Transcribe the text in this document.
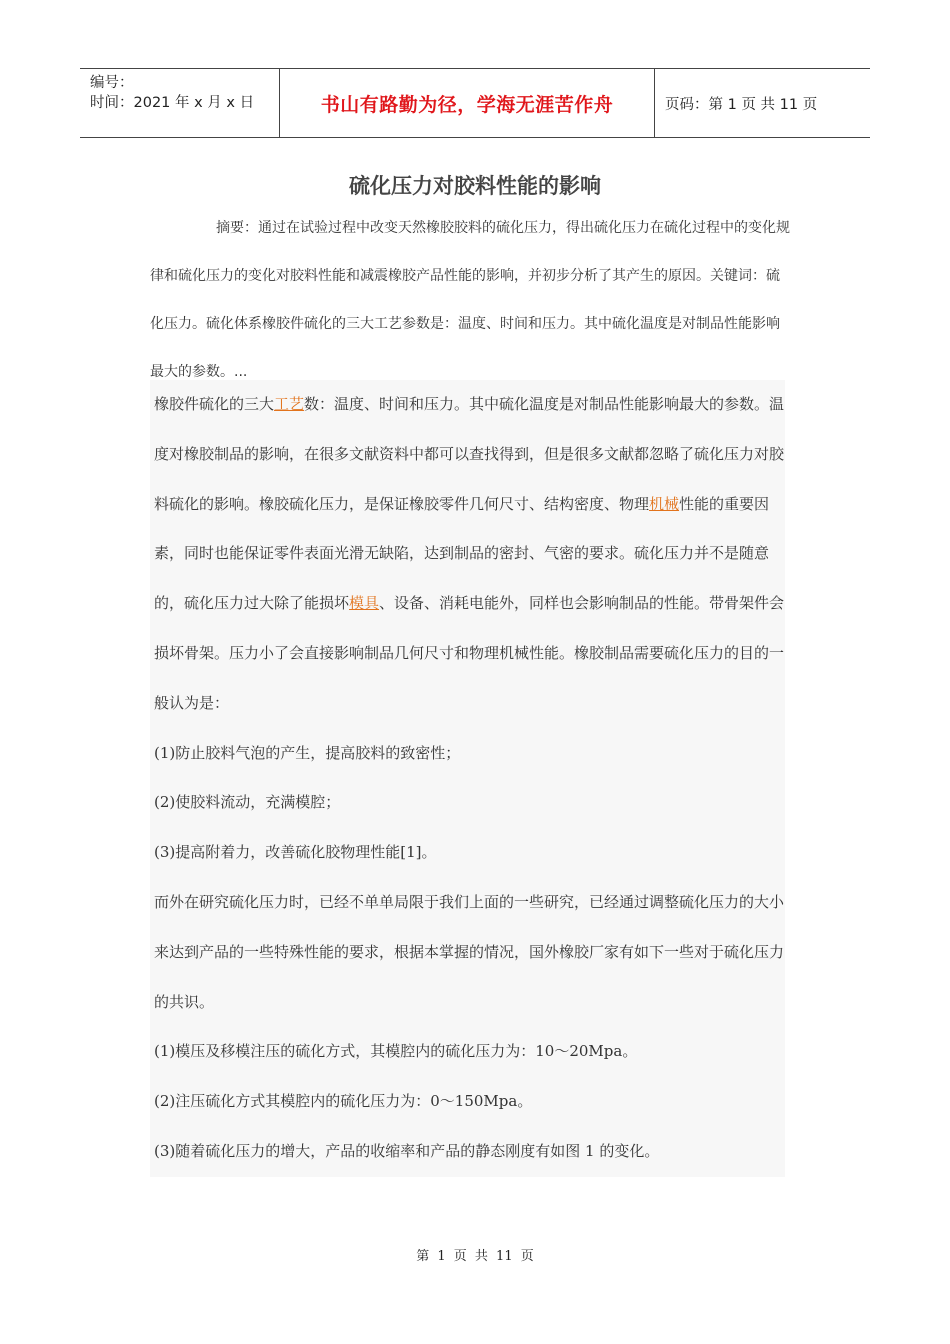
编号：
时间：2021 年 x 月 x 日	书山有路勤为径，学海无涯苦作舟	页码：第 1 页 共 11 页
硫化压力对胶料性能的影响
摘要：通过在试验过程中改变天然橡胶胶料的硫化压力，得出硫化压力在硫化过程中的变化规律和硫化压力的变化对胶料性能和减震橡胶产品性能的影响，并初步分析了其产生的原因。关键词：硫化压力。硫化体系橡胶件硫化的三大工艺参数是：温度、时间和压力。其中硫化温度是对制品性能影响最大的参数。...

橡胶件硫化的三大工艺数：温度、时间和压力。其中硫化温度是对制品性能影响最大的参数。温度对橡胶制品的影响，在很多文献资料中都可以查找得到，但是很多文献都忽略了硫化压力对胶料硫化的影响。橡胶硫化压力，是保证橡胶零件几何尺寸、结构密度、物理机械性能的重要因素，同时也能保证零件表面光滑无缺陷，达到制品的密封、气密的要求。硫化压力并不是随意的，硫化压力过大除了能损坏模具、设备、消耗电能外，同样也会影响制品的性能。带骨架件会损坏骨架。压力小了会直接影响制品几何尺寸和物理机械性能。橡胶制品需要硫化压力的目的一般认为是：

(1)防止胶料气泡的产生，提高胶料的致密性；

(2)使胶料流动，充满模腔；

(3)提高附着力，改善硫化胶物理性能[1]。

而外在研究硫化压力时，已经不单单局限于我们上面的一些研究，已经通过调整硫化压力的大小来达到产品的一些特殊性能的要求，根据本掌握的情况，国外橡胶厂家有如下一些对于硫化压力的共识。

(1)模压及移模注压的硫化方式，其模腔内的硫化压力为：10～20Mpa。

(2)注压硫化方式其模腔内的硫化压力为：0～150Mpa。

(3)随着硫化压力的增大，产品的收缩率和产品的静态刚度有如图 1 的变化。

第 1 页 共 11 页
